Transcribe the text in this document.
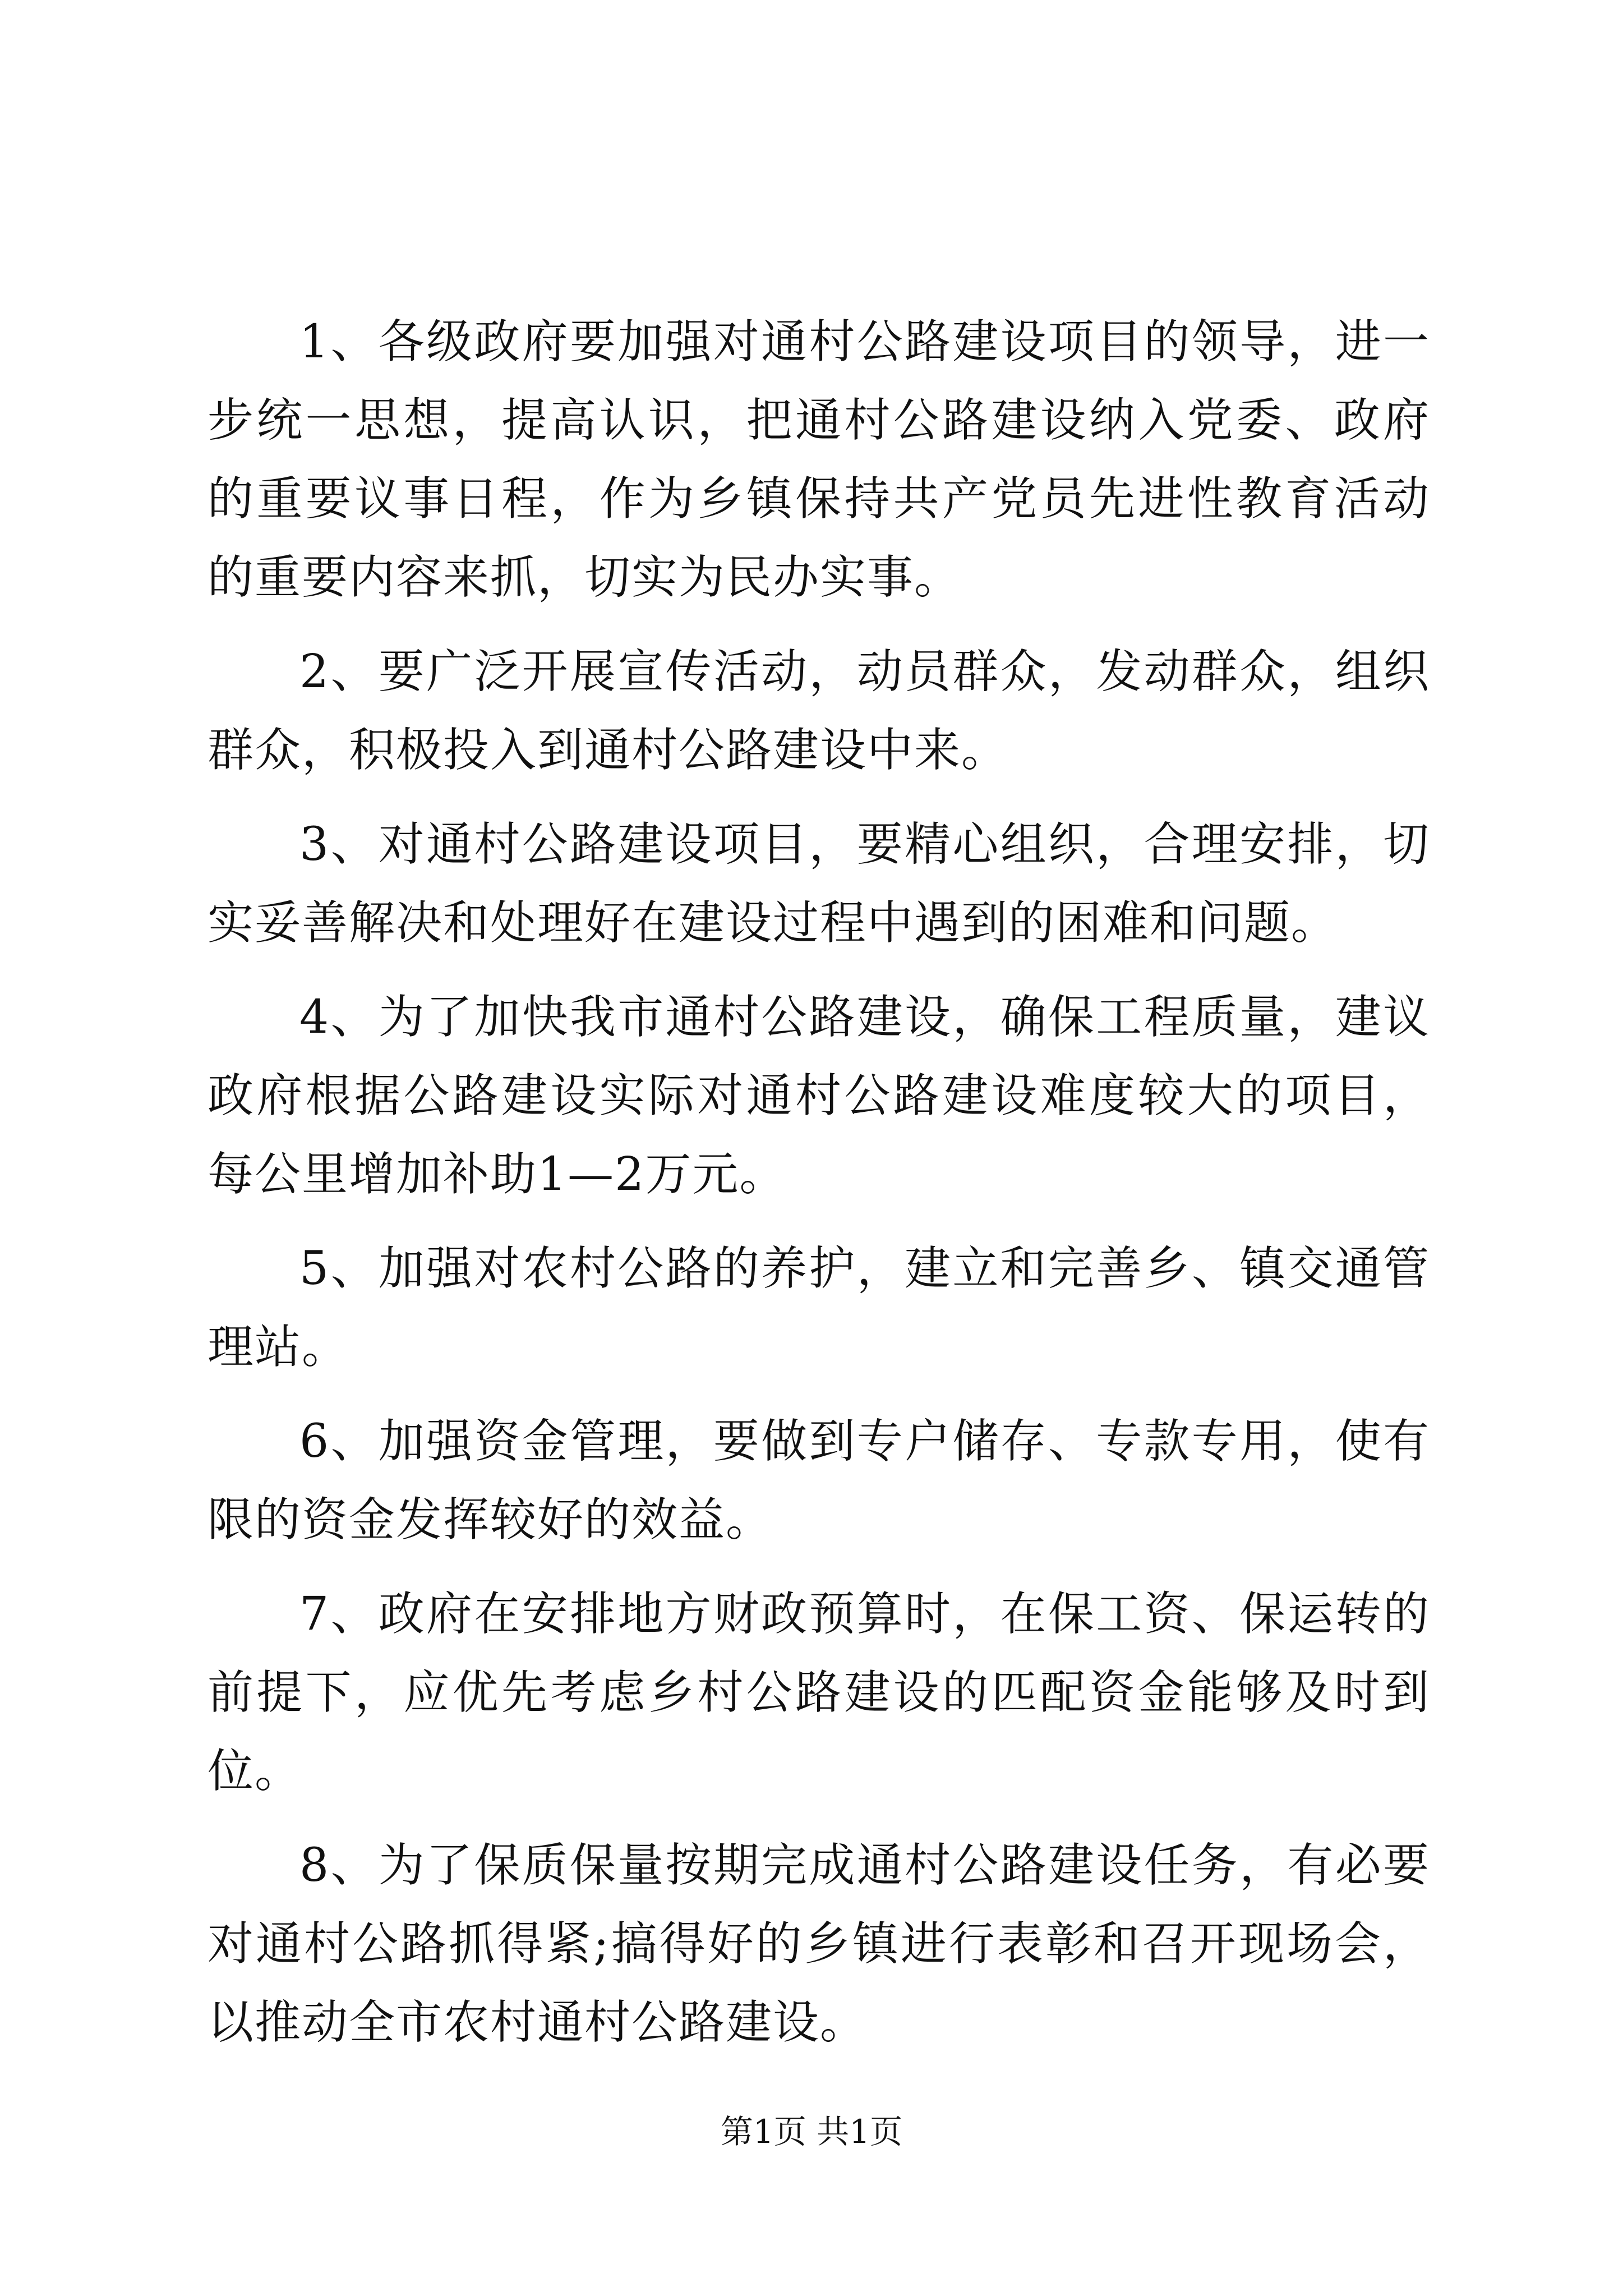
1、各级政府要加强对通村公路建设项目的领导，进一步统一思想，提高认识，把通村公路建设纳入党委、政府的重要议事日程，作为乡镇保持共产党员先进性教育活动的重要内容来抓，切实为民办实事。

2、要广泛开展宣传活动，动员群众，发动群众，组织群众，积极投入到通村公路建设中来。

3、对通村公路建设项目，要精心组织，合理安排，切实妥善解决和处理好在建设过程中遇到的困难和问题。

4、为了加快我市通村公路建设，确保工程质量，建议政府根据公路建设实际对通村公路建设难度较大的项目，每公里增加补助1—2万元。

5、加强对农村公路的养护，建立和完善乡、镇交通管理站。

6、加强资金管理，要做到专户储存、专款专用，使有限的资金发挥较好的效益。

7、政府在安排地方财政预算时，在保工资、保运转的前提下，应优先考虑乡村公路建设的匹配资金能够及时到位。

8、为了保质保量按期完成通村公路建设任务，有必要对通村公路抓得紧;搞得好的乡镇进行表彰和召开现场会，以推动全市农村通村公路建设。

第1页 共1页
